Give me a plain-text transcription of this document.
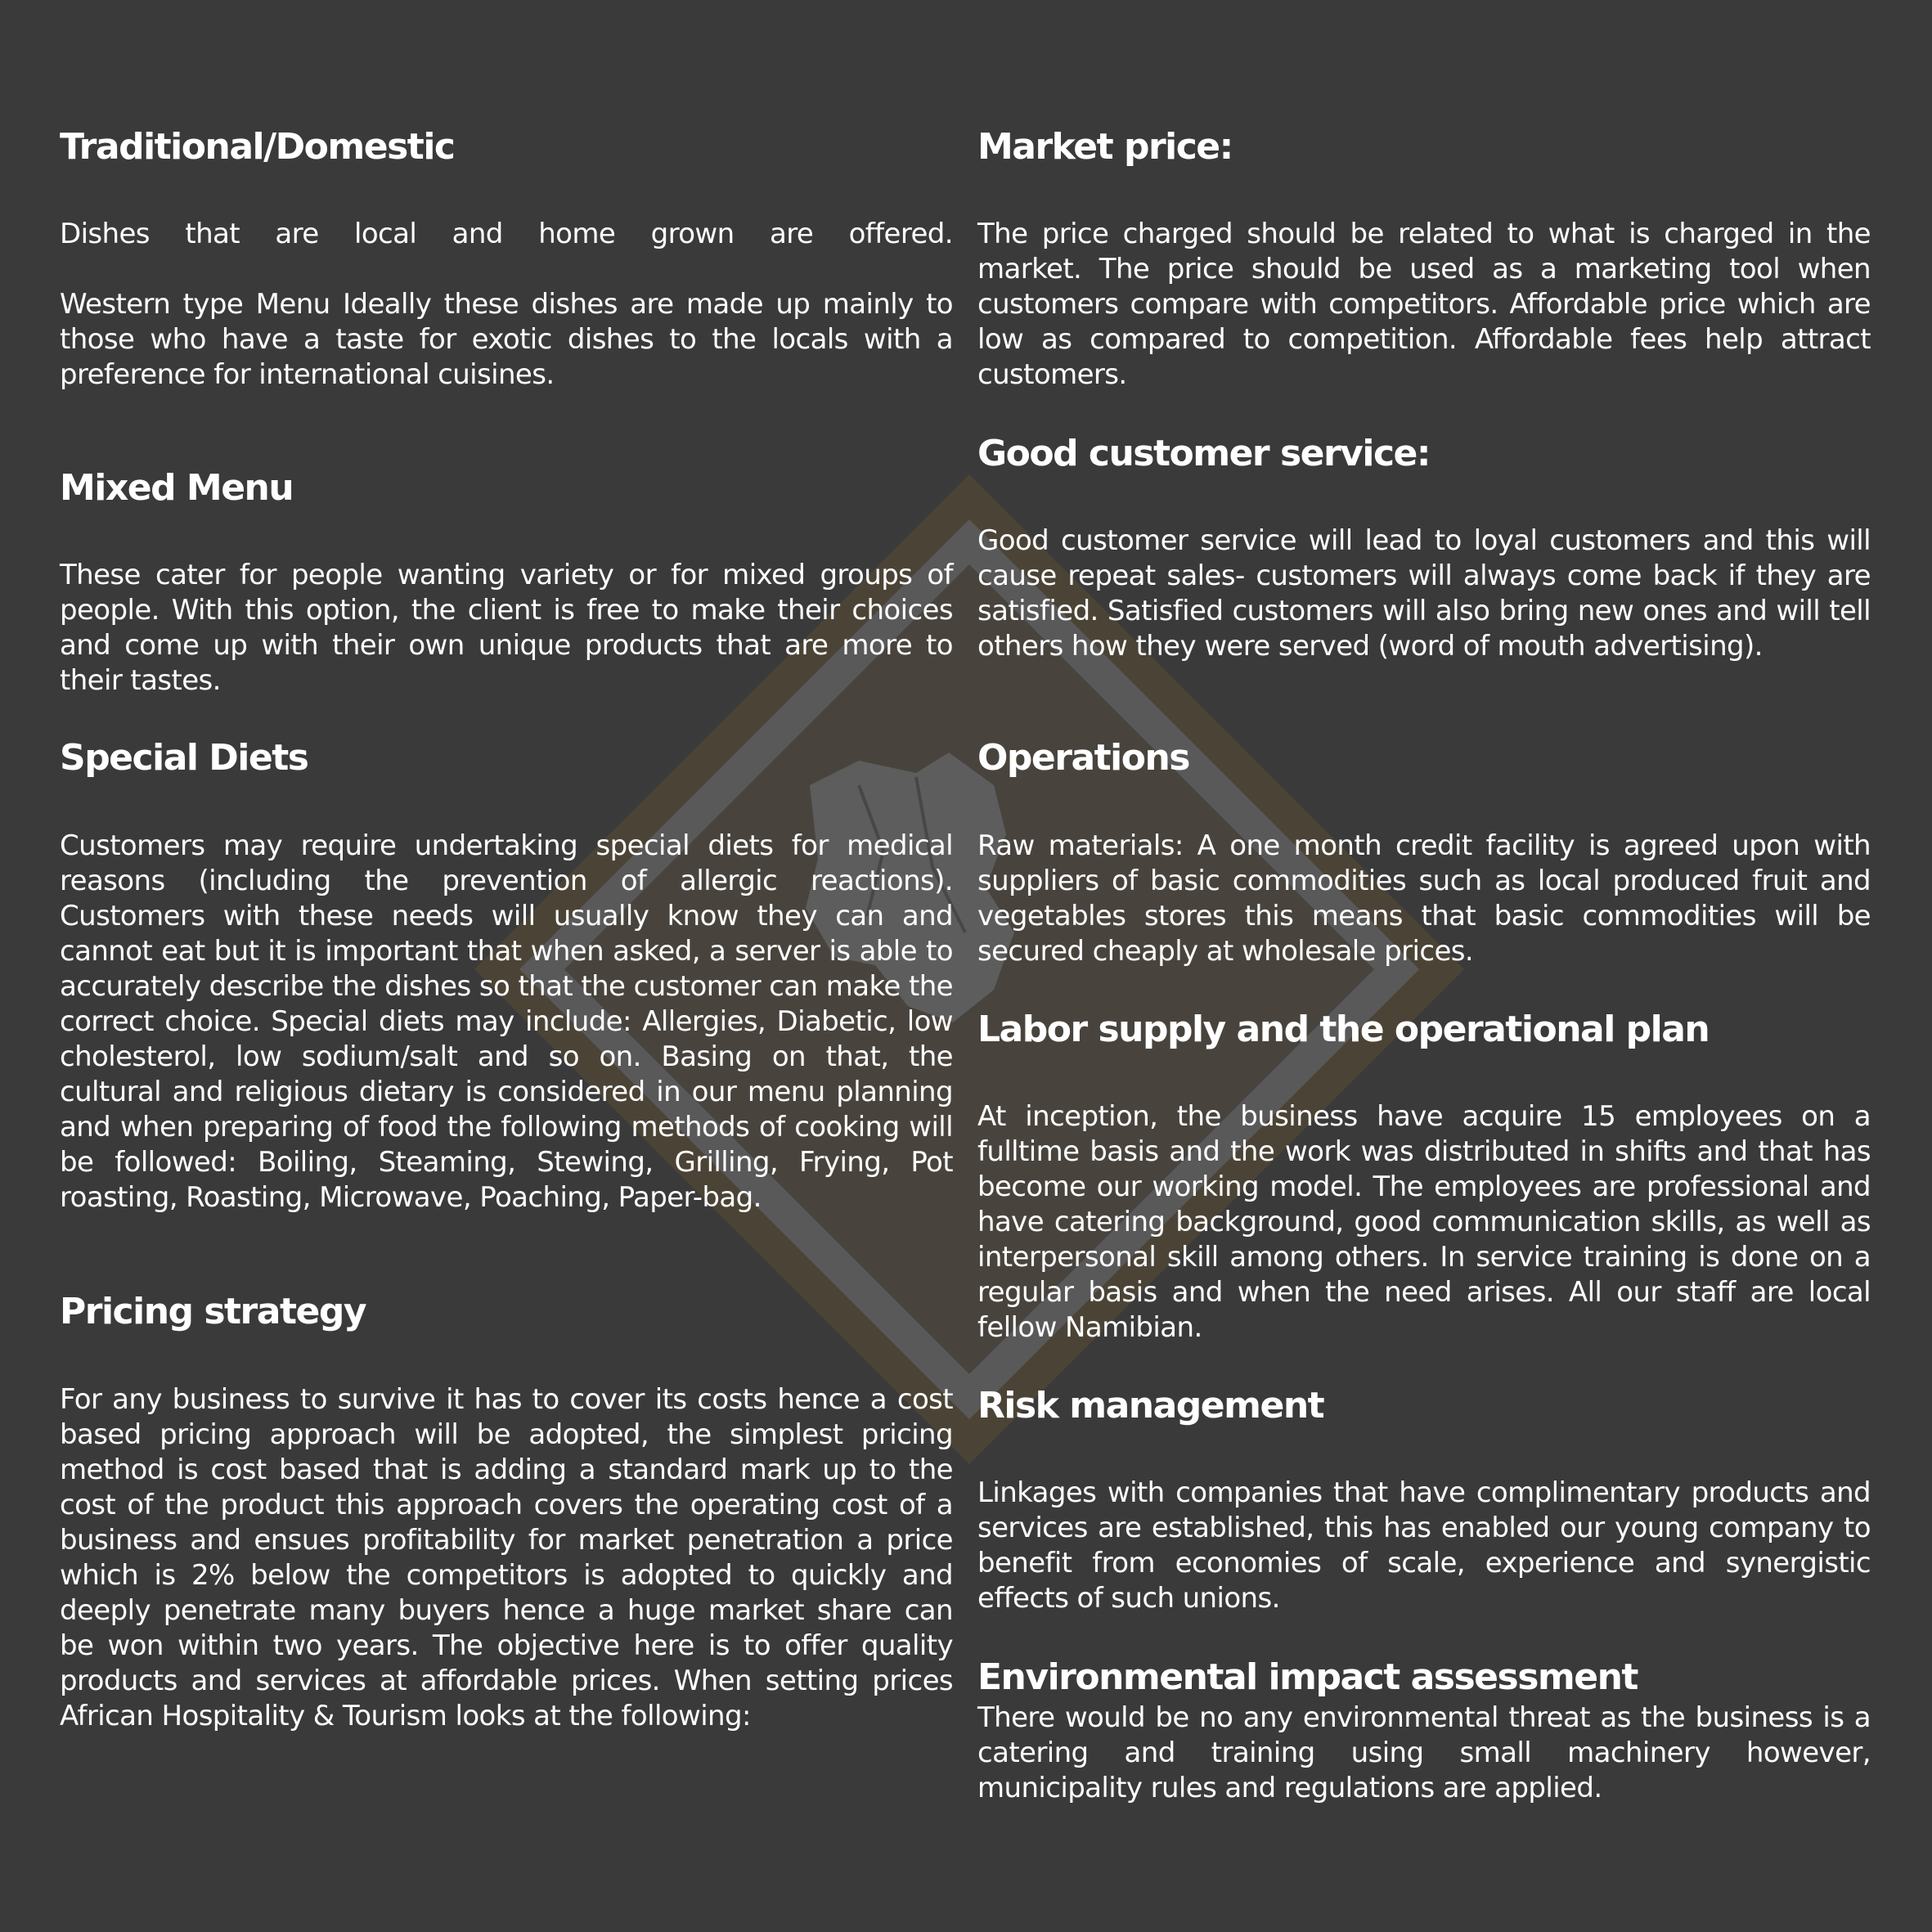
Traditional/Domestic

Dishes that are local and home grown are offered.

Western type Menu Ideally these dishes are made up mainly to those who have a taste for exotic dishes to the locals with a preference for international cuisines.

Mixed Menu

These cater for people wanting variety or for mixed groups of people. With this option, the client is free to make their choices and come up with their own unique products that are more to their tastes.

Special Diets

Customers may require undertaking special diets for medical reasons (including the prevention of allergic reactions). Customers with these needs will usually know they can and cannot eat but it is important that when asked, a server is able to accurately describe the dishes so that the customer can make the correct choice. Special diets may include: Allergies, Diabetic, low cholesterol, low sodium/salt and so on. Basing on that, the cultural and religious dietary is considered in our menu planning and when preparing of food the following methods of cooking will be followed: Boiling, Steaming, Stewing, Grilling, Frying, Pot roasting, Roasting, Microwave, Poaching, Paper-bag.

Pricing strategy

For any business to survive it has to cover its costs hence a cost based pricing approach will be adopted, the simplest pricing method is cost based that is adding a standard mark up to the cost of the product this approach covers the operating cost of a business and ensues profitability for market penetration a price which is 2% below the competitors is adopted to quickly and deeply penetrate many buyers hence a huge market share can be won within two years. The objective here is to offer quality products and services at affordable prices. When setting prices African Hospitality & Tourism looks at the following:

Market price:

The price charged should be related to what is charged in the market. The price should be used as a marketing tool when customers compare with competitors. Affordable price which are low as compared to competition. Affordable fees help attract customers.

Good customer service:

Good customer service will lead to loyal customers and this will cause repeat sales- customers will always come back if they are satisfied. Satisfied customers will also bring new ones and will tell others how they were served (word of mouth advertising).

Operations

Raw materials: A one month credit facility is agreed upon with suppliers of basic commodities such as local produced fruit and vegetables stores this means that basic commodities will be secured cheaply at wholesale prices.

Labor supply and the operational plan

At inception, the business have acquire 15 employees on a fulltime basis and the work was distributed in shifts and that has become our working model. The employees are professional and have catering background, good communication skills, as well as interpersonal skill among others. In service training is done on a regular basis and when the need arises. All our staff are local fellow Namibian.

Risk management

Linkages with companies that have complimentary products and services are established, this has enabled our young company to benefit from economies of scale, experience and synergistic effects of such unions.

Environmental impact assessment

There would be no any environmental threat as the business is a catering and training using small machinery however, municipality rules and regulations are applied.
